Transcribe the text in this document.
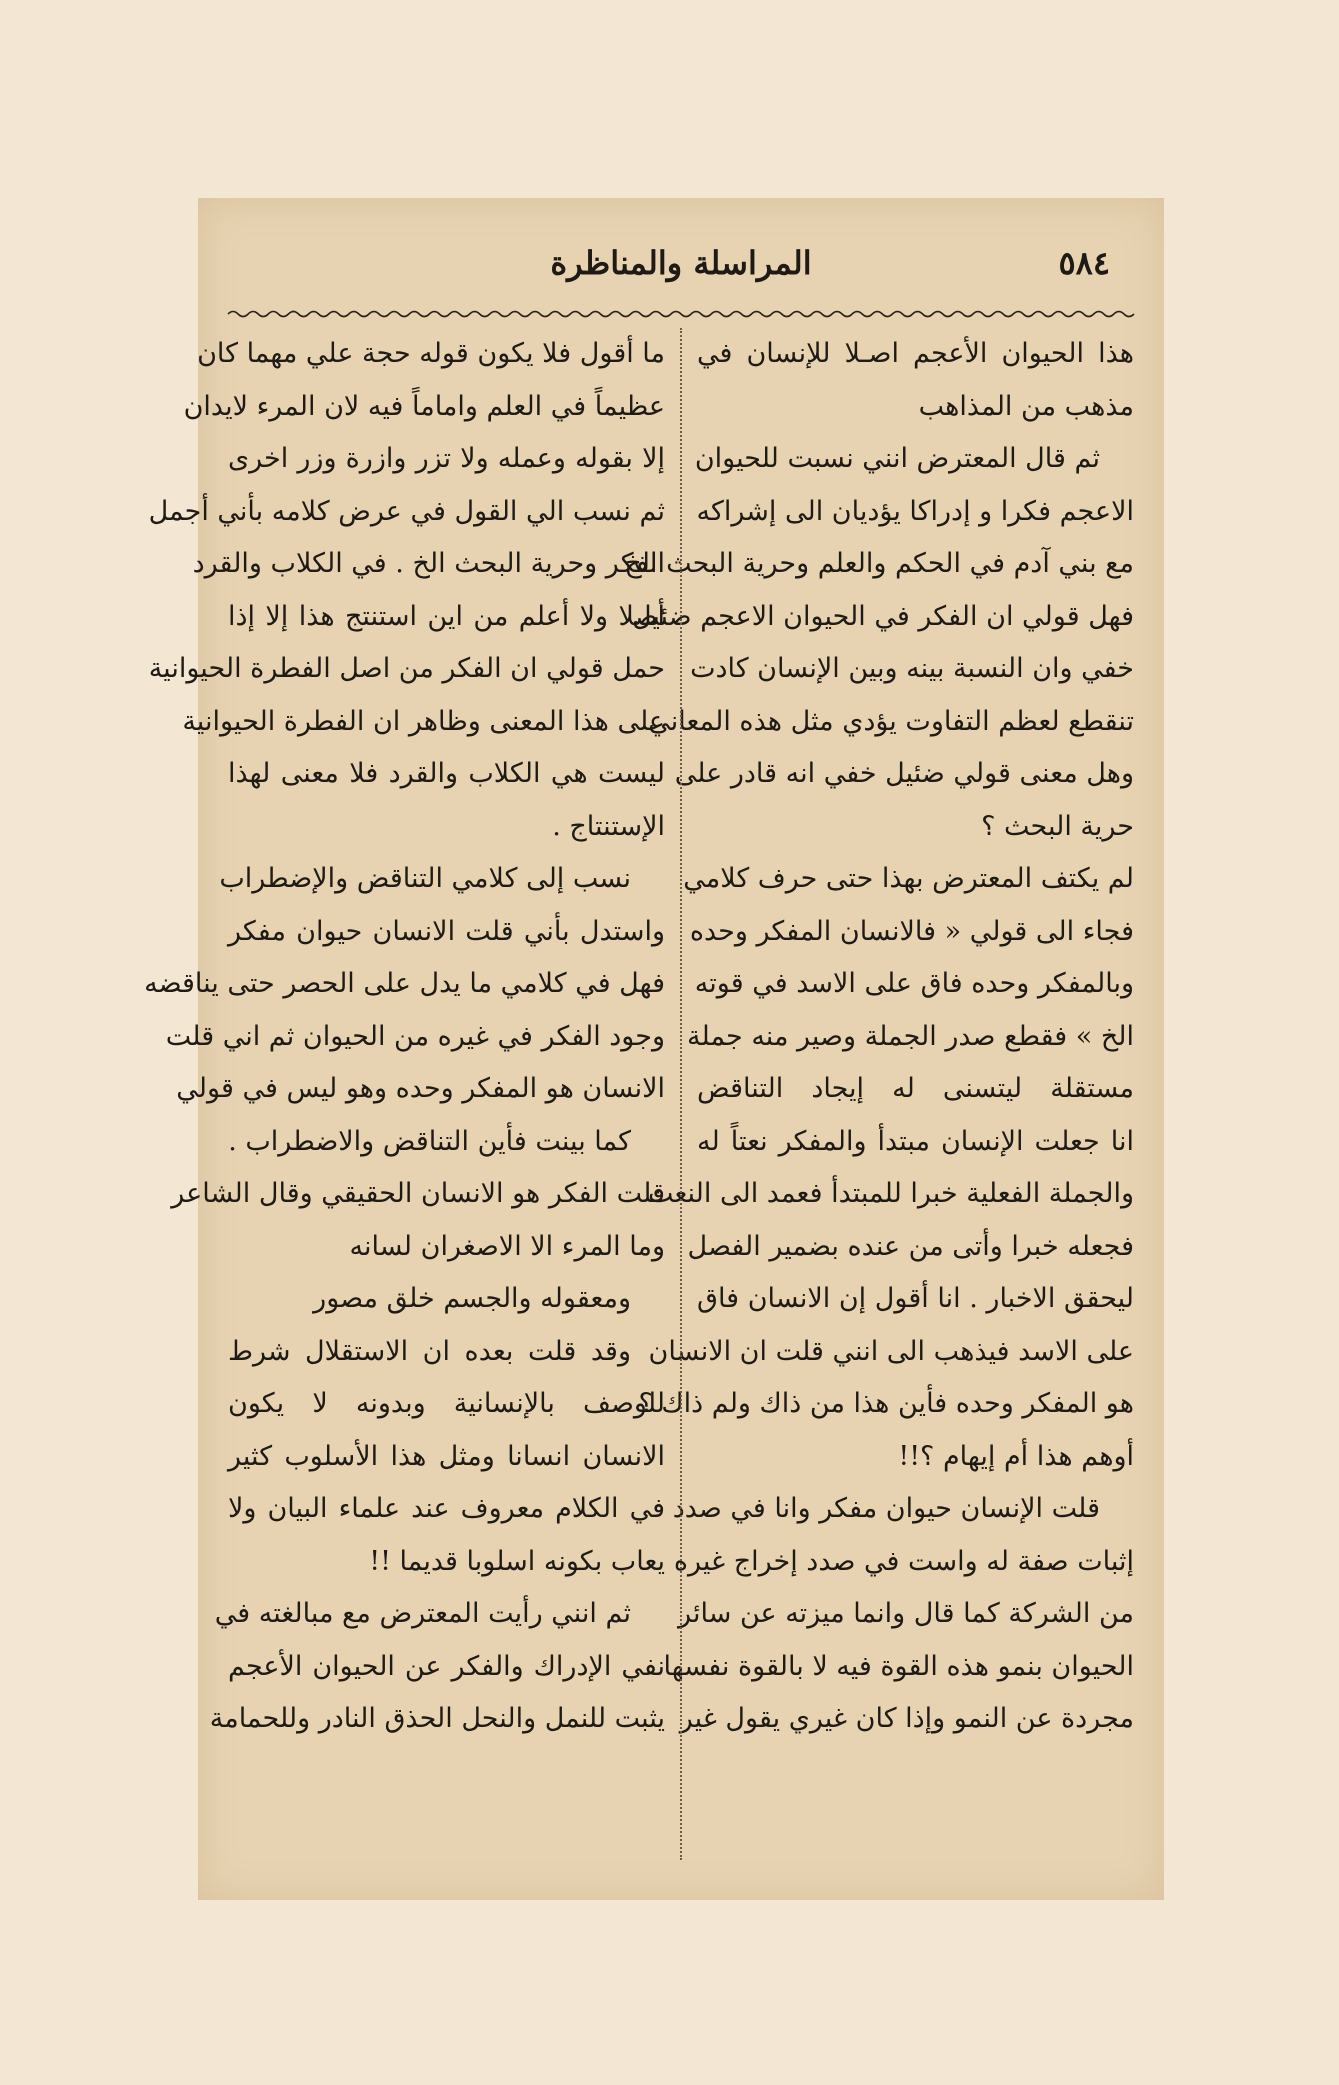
٥٨٤
المراسلة والمناظرة
هذا الحيوان الأعجم اصـلا للإنسان في
مذهب من المذاهب
ثم قال المعترض انني نسبت للحيوان
الاعجم فكرا و إدراكا يؤديان الى إشراكه
مع بني آدم في الحكم والعلم وحرية البحث الخ
فهل قولي ان الفكر في الحيوان الاعجم ضئيل
خفي وان النسبة بينه وبين الإنسان كادت
تنقطع لعظم التفاوت يؤدي مثل هذه المعاني
وهل معنى قولي ضئيل خفي انه قادر على
حرية البحث ؟
لم يكتف المعترض بهذا حتى حرف كلامي
فجاء الى قولي « فالانسان المفكر وحده
وبالمفكر وحده فاق على الاسد في قوته
الخ » فقطع صدر الجملة وصير منه جملة
مستقلة ليتسنى له إيجاد التناقض
انا جعلت الإنسان مبتدأ والمفكر نعتاً له
والجملة الفعلية خبرا للمبتدأ فعمد الى النعت
فجعله خبرا وأتى من عنده بضمير الفصل
ليحقق الاخبار . انا أقول إن الانسان فاق
على الاسد فيذهب الى انني قلت ان الانسان
هو المفكر وحده فأين هذا من ذاك ولم ذاك ؟
أوهم هذا أم إيهام ؟!!
قلت الإنسان حيوان مفكر وانا في صدد
إثبات صفة له واست في صدد إخراج غيره
من الشركة كما قال وانما ميزته عن سائر
الحيوان بنمو هذه القوة فيه لا بالقوة نفسها
مجردة عن النمو وإذا كان غيري يقول غير
ما أقول فلا يكون قوله حجة علي مهما كان
عظيماً في العلم واماماً فيه لان المرء لايدان
إلا بقوله وعمله ولا تزر وازرة وزر اخرى
ثم نسب الي القول في عرض كلامه بأني أجمل
الفكر وحرية البحث الخ . في الكلاب والقرد
أصلا ولا أعلم من اين استنتج هذا إلا إذا
حمل قولي ان الفكر من اصل الفطرة الحيوانية
على هذا المعنى وظاهر ان الفطرة الحيوانية
ليست هي الكلاب والقرد فلا معنى لهذا
الإستنتاج .
نسب إلى كلامي التناقض والإضطراب
واستدل بأني قلت الانسان حيوان مفكر
فهل في كلامي ما يدل على الحصر حتى يناقضه
وجود الفكر في غيره من الحيوان ثم اني قلت
الانسان هو المفكر وحده وهو ليس في قولي
كما بينت فأين التناقض والاضطراب .
قلت الفكر هو الانسان الحقيقي وقال الشاعر
وما المرء الا الاصغران لسانه
ومعقوله والجسم خلق مصور
وقد قلت بعده ان الاستقلال شرط
للوصف بالإنسانية وبدونه لا يكون
الانسان انسانا ومثل هذا الأسلوب كثير
في الكلام معروف عند علماء البيان ولا
يعاب بكونه اسلوبا قديما !!
ثم انني رأيت المعترض مع مبالغته في
نفي الإدراك والفكر عن الحيوان الأعجم
يثبت للنمل والنحل الحذق النادر وللحمامة
